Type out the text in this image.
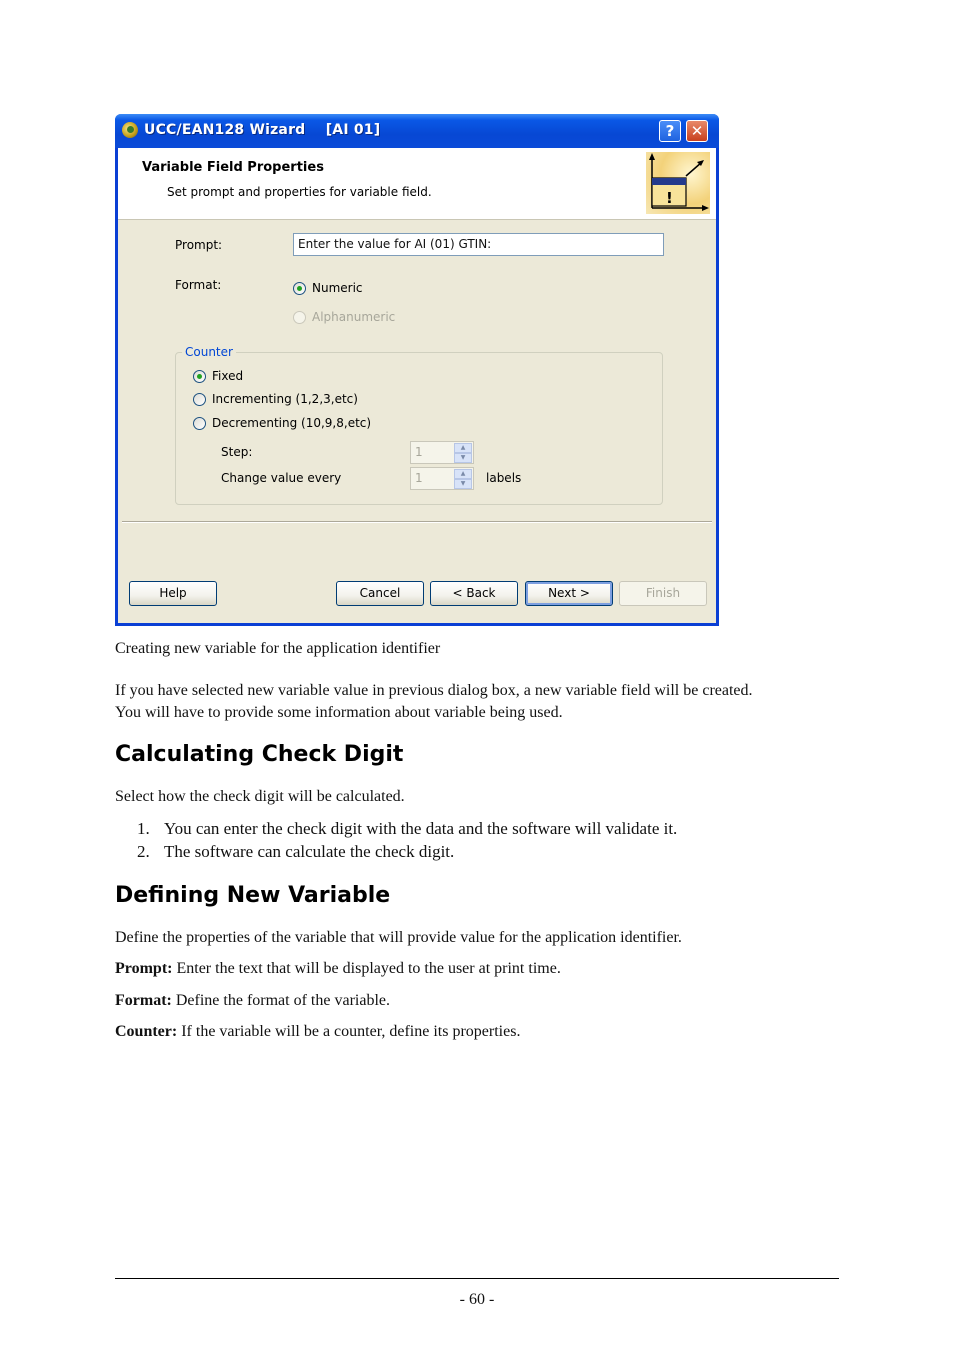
UCC/EAN128 Wizard    [AI 01]	?	✕
Variable Field Properties
Set prompt and properties for variable field.	!
Prompt:	Enter the value for AI (01) GTIN:
Format:	Numeric
Alphanumeric
Counter
Fixed
Incrementing (1,2,3,etc)
Decrementing (10,9,8,etc)
Step:	1	▲
▼
Change value every	1	▲
▼	labels
Help	Cancel	< Back	Next >	Finish
Creating new variable for the application identifier
If you have selected new variable value in previous dialog box, a new variable field will be created.
You will have to provide some information about variable being used.
Calculating Check Digit
Select how the check digit will be calculated.
1. You can enter the check digit with the data and the software will validate it.
2. The software can calculate the check digit.
Defining New Variable
Define the properties of the variable that will provide value for the application identifier.
Prompt: Enter the text that will be displayed to the user at print time.
Format: Define the format of the variable.
Counter: If the variable will be a counter, define its properties.
- 60 -
